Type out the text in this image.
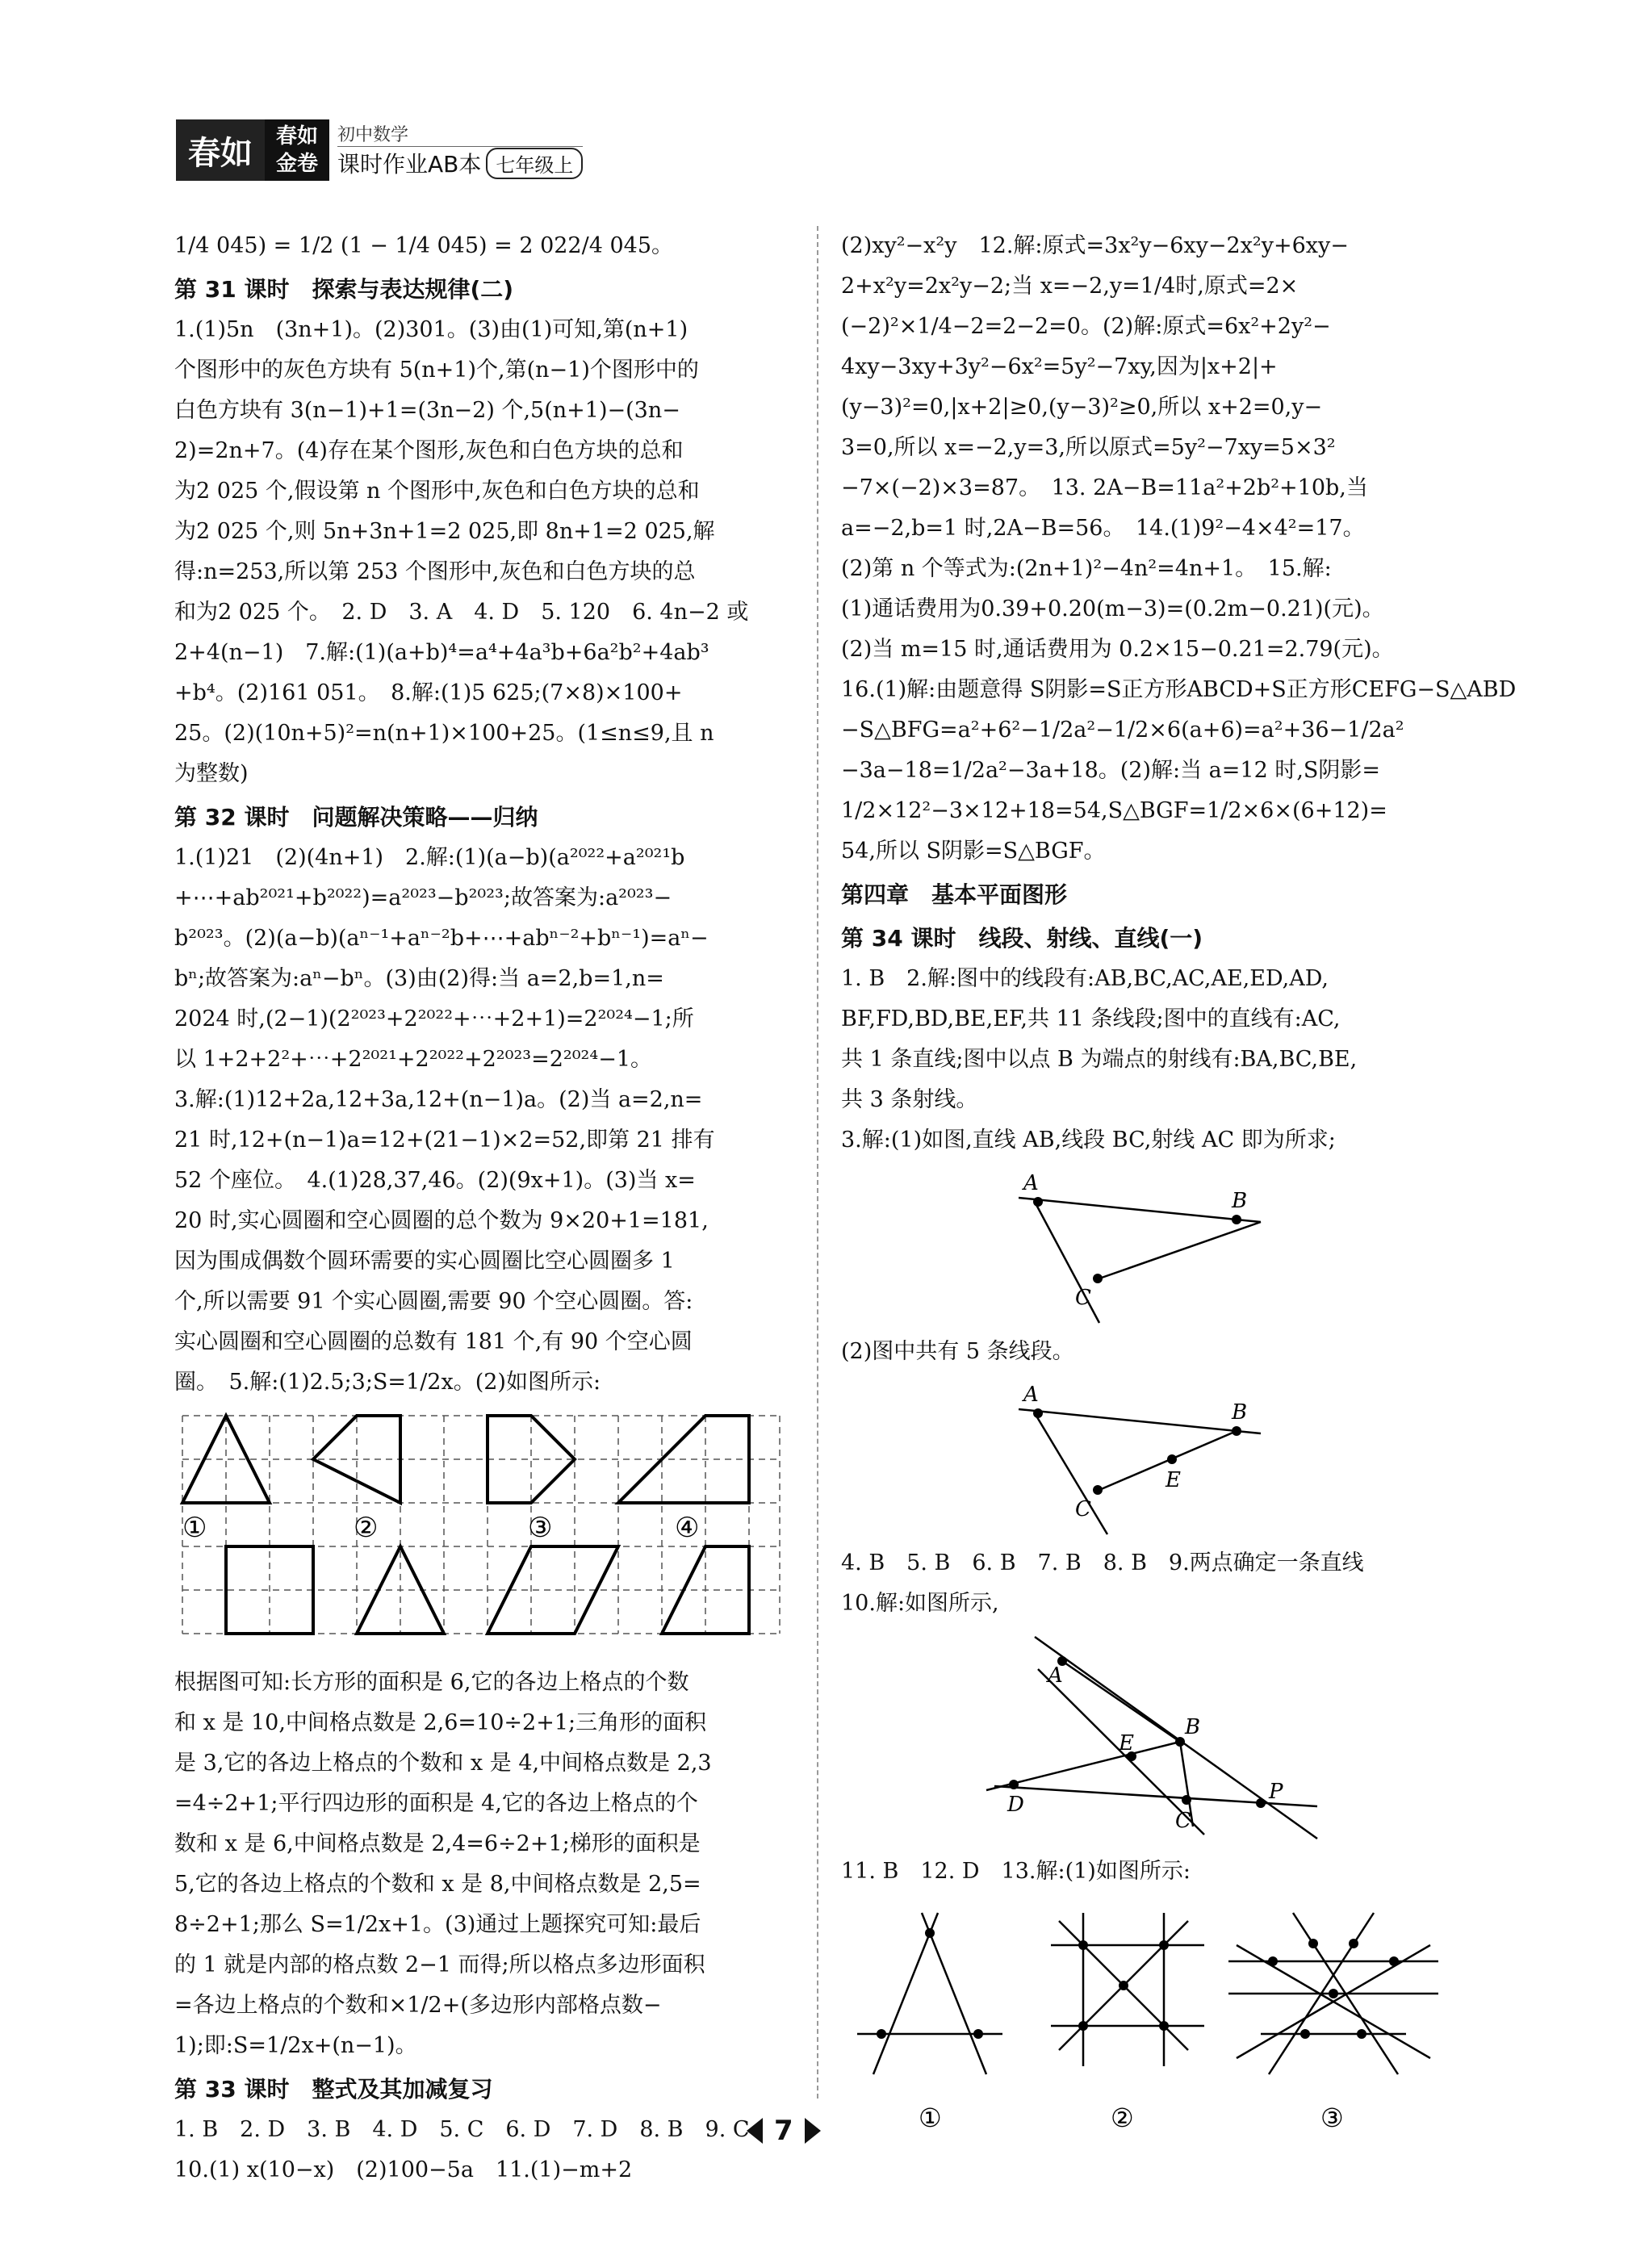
春如 春如
金卷
初中数学
课时作业AB本 七年级上
1/4 045) = 1/2 (1 − 1/4 045) = 2 022/4 045。
第 31 课时　探索与表达规律(二)
1.(1)5n　(3n+1)。(2)301。(3)由(1)可知,第(n+1)
个图形中的灰色方块有 5(n+1)个,第(n−1)个图形中的
白色方块有 3(n−1)+1=(3n−2) 个,5(n+1)−(3n−
2)=2n+7。(4)存在某个图形,灰色和白色方块的总和
为2 025 个,假设第 n 个图形中,灰色和白色方块的总和
为2 025 个,则 5n+3n+1=2 025,即 8n+1=2 025,解
得:n=253,所以第 253 个图形中,灰色和白色方块的总
和为2 025 个。　2. D　3. A　4. D　5. 120　6. 4n−2 或
2+4(n−1)　7.解:(1)(a+b)⁴=a⁴+4a³b+6a²b²+4ab³
+b⁴。(2)161 051。　8.解:(1)5 625;(7×8)×100+
25。(2)(10n+5)²=n(n+1)×100+25。(1≤n≤9,且 n
为整数)
第 32 课时　问题解决策略——归纳
1.(1)21　(2)(4n+1)　2.解:(1)(a−b)(a²⁰²²+a²⁰²¹b
+⋯+ab²⁰²¹+b²⁰²²)=a²⁰²³−b²⁰²³;故答案为:a²⁰²³−
b²⁰²³。(2)(a−b)(aⁿ⁻¹+aⁿ⁻²b+⋯+abⁿ⁻²+bⁿ⁻¹)=aⁿ−
bⁿ;故答案为:aⁿ−bⁿ。(3)由(2)得:当 a=2,b=1,n=
2024 时,(2−1)(2²⁰²³+2²⁰²²+⋯+2+1)=2²⁰²⁴−1;所
以 1+2+2²+⋯+2²⁰²¹+2²⁰²²+2²⁰²³=2²⁰²⁴−1。
3.解:(1)12+2a,12+3a,12+(n−1)a。(2)当 a=2,n=
21 时,12+(n−1)a=12+(21−1)×2=52,即第 21 排有
52 个座位。　4.(1)28,37,46。(2)(9x+1)。(3)当 x=
20 时,实心圆圈和空心圆圈的总个数为 9×20+1=181,
因为围成偶数个圆环需要的实心圆圈比空心圆圈多 1
个,所以需要 91 个实心圆圈,需要 90 个空心圆圈。答:
实心圆圈和空心圆圈的总数有 181 个,有 90 个空心圆
圈。　5.解:(1)2.5;3;S=1/2x。(2)如图所示:
①	②	③	④
根据图可知:长方形的面积是 6,它的各边上格点的个数
和 x 是 10,中间格点数是 2,6=10÷2+1;三角形的面积
是 3,它的各边上格点的个数和 x 是 4,中间格点数是 2,3
=4÷2+1;平行四边形的面积是 4,它的各边上格点的个
数和 x 是 6,中间格点数是 2,4=6÷2+1;梯形的面积是
5,它的各边上格点的个数和 x 是 8,中间格点数是 2,5=
8÷2+1;那么 S=1/2x+1。(3)通过上题探究可知:最后
的 1 就是内部的格点数 2−1 而得;所以格点多边形面积
=各边上格点的个数和×1/2+(多边形内部格点数−
1);即:S=1/2x+(n−1)。
第 33 课时　整式及其加减复习
1. B　2. D　3. B　4. D　5. C　6. D　7. D　8. B　9. C
10.(1) x(10−x)　(2)100−5a　11.(1)−m+2
(2)xy²−x²y　12.解:原式=3x²y−6xy−2x²y+6xy−
2+x²y=2x²y−2;当 x=−2,y=1/4时,原式=2×
(−2)²×1/4−2=2−2=0。(2)解:原式=6x²+2y²−
4xy−3xy+3y²−6x²=5y²−7xy,因为|x+2|+
(y−3)²=0,|x+2|≥0,(y−3)²≥0,所以 x+2=0,y−
3=0,所以 x=−2,y=3,所以原式=5y²−7xy=5×3²
−7×(−2)×3=87。　13. 2A−B=11a²+2b²+10b,当
a=−2,b=1 时,2A−B=56。　14.(1)9²−4×4²=17。
(2)第 n 个等式为:(2n+1)²−4n²=4n+1。　15.解:
(1)通话费用为0.39+0.20(m−3)=(0.2m−0.21)(元)。
(2)当 m=15 时,通话费用为 0.2×15−0.21=2.79(元)。
16.(1)解:由题意得 S阴影=S正方形ABCD+S正方形CEFG−S△ABD
−S△BFG=a²+6²−1/2a²−1/2×6(a+6)=a²+36−1/2a²
−3a−18=1/2a²−3a+18。(2)解:当 a=12 时,S阴影=
1/2×12²−3×12+18=54,S△BGF=1/2×6×(6+12)=
54,所以 S阴影=S△BGF。
第四章　基本平面图形
第 34 课时　线段、射线、直线(一)
1. B　2.解:图中的线段有:AB,BC,AC,AE,ED,AD,
BF,FD,BD,BE,EF,共 11 条线段;图中的直线有:AC,
共 1 条直线;图中以点 B 为端点的射线有:BA,BC,BE,
共 3 条射线。
3.解:(1)如图,直线 AB,线段 BC,射线 AC 即为所求;
A
B
C
(2)图中共有 5 条线段。
A
B
C
E
4. B　5. B　6. B　7. B　8. B　9.两点确定一条直线
10.解:如图所示,
A
B
E
D
C
P
11. B　12. D　13.解:(1)如图所示:
①	②	③
7
